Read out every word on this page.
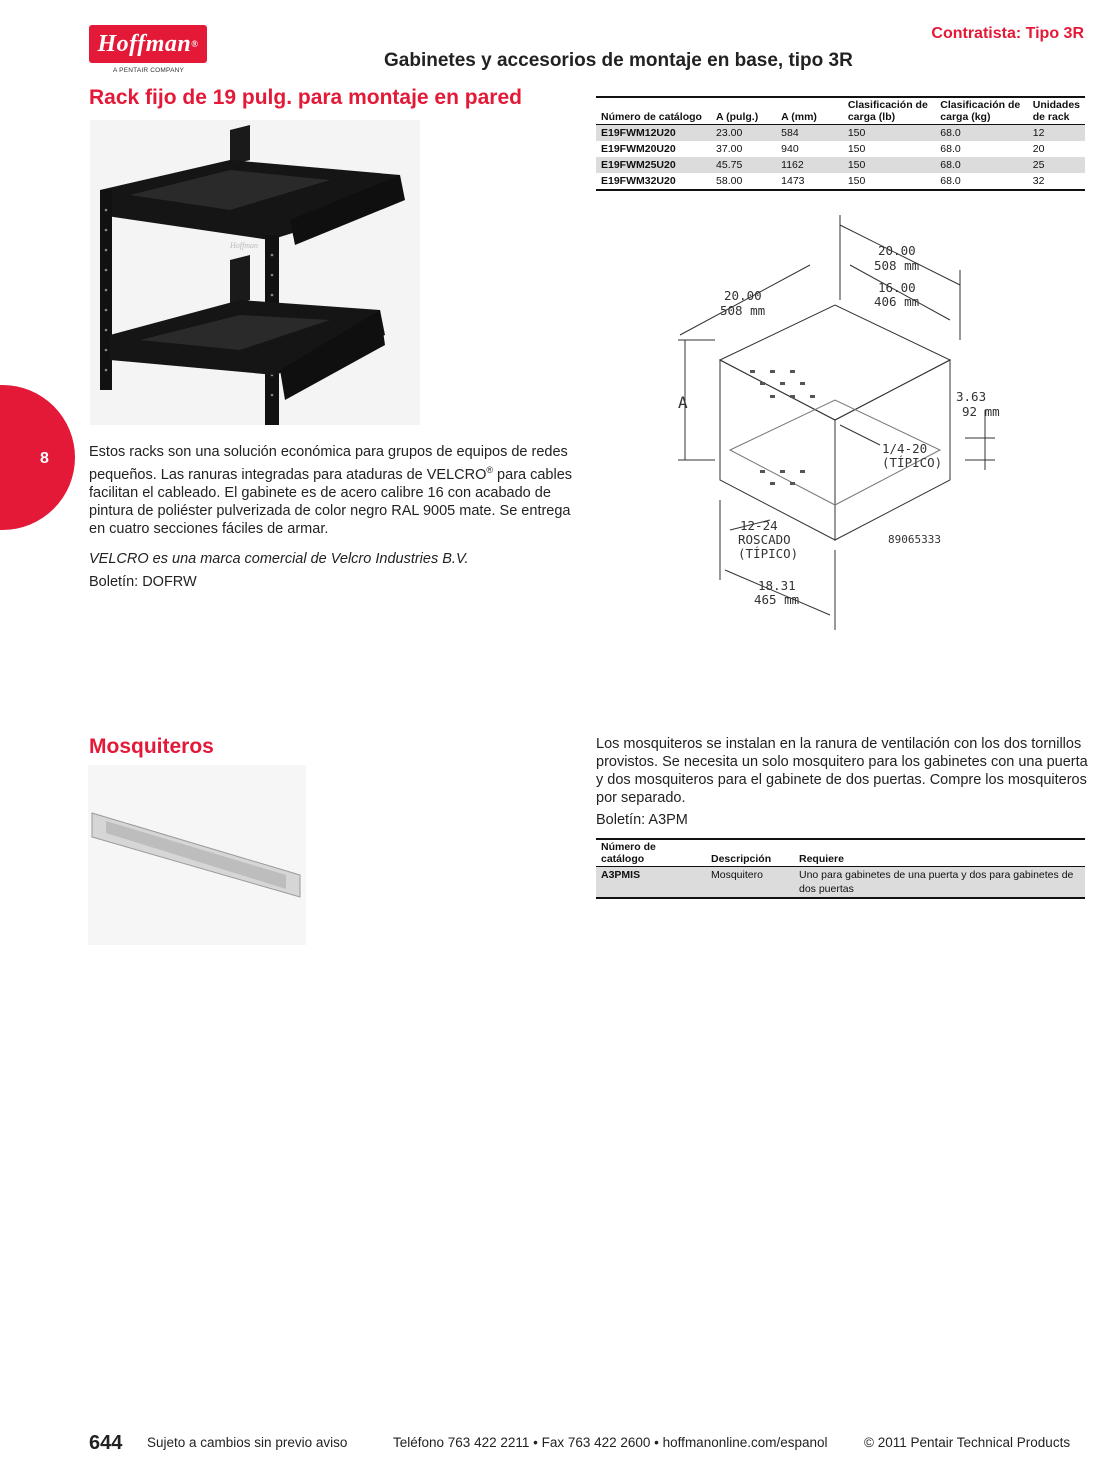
Hoffman ®
A PENTAIR COMPANY
Contratista: Tipo 3R
Gabinetes y accesorios de montaje en base, tipo 3R
8
Rack fijo de 19 pulg. para montaje en pared
Hoffman
Estos racks son una solución económica para grupos de equipos de redes pequeños. Las ranuras integradas para ataduras de VELCRO® para cables facilitan el cableado. El gabinete es de acero calibre 16 con acabado de pintura de poliéster pulverizada de color negro RAL 9005 mate. Se entrega en cuatro secciones fáciles de armar.
VELCRO es una marca comercial de Velcro Industries B.V.
Boletín: DOFRW
Número de catálogo	A (pulg.)	A (mm)	Clasificación de carga (lb)	Clasificación de carga (kg)	Unidades de rack
E19FWM12U20	23.00	584	150	68.0	12
E19FWM20U20	37.00	940	150	68.0	20
E19FWM25U20	45.75	1162	150	68.0	25
E19FWM32U20	58.00	1473	150	68.0	32
20.00
508 mm
16.00
406 mm
20.00
508 mm
3.63
92 mm
A
1/4-20
(TÍPICO)
12-24
ROSCADO
(TÍPICO)
18.31
465 mm
89065333
Mosquiteros	Los mosquiteros se instalan en la ranura de ventilación con los dos tornillos provistos. Se necesita un solo mosquitero para los gabinetes con una puerta y dos mosquiteros para el gabinete de dos puertas. Compre los mosquiteros por separado.
Boletín: A3PM
Número de catálogo	Descripción	Requiere
A3PMIS	Mosquitero	Uno para gabinetes de una puerta y dos para gabinetes de dos puertas
644 Sujeto a cambios sin previo aviso	Teléfono 763 422 2211 • Fax 763 422 2600 • hoffmanonline.com/espanol	© 2011 Pentair Technical Products
